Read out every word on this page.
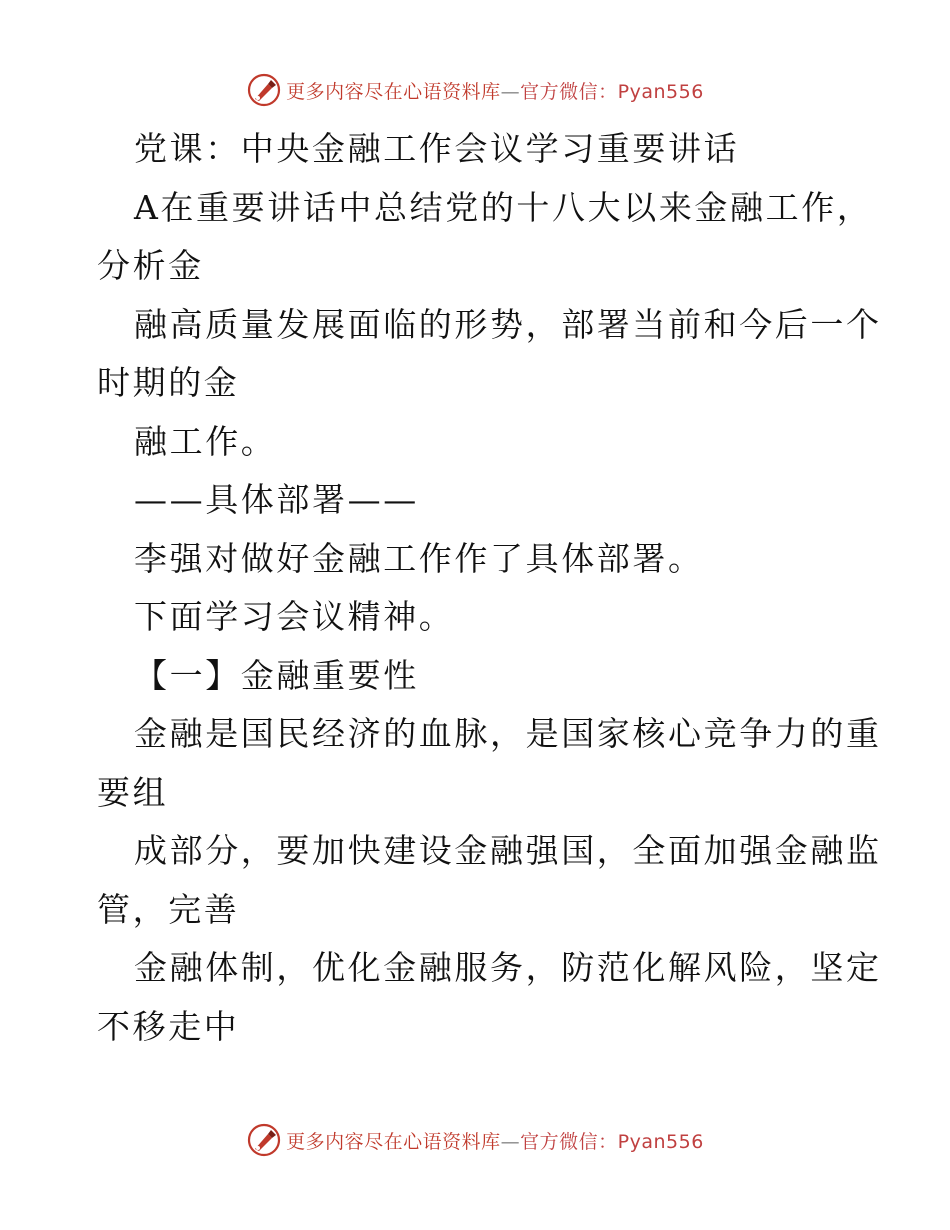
更多内容尽在心语资料库—官方微信：Pyan556
党课：中央金融工作会议学习重要讲话
A在重要讲话中总结党的十八大以来金融工作，
分析金
融高质量发展面临的形势，部署当前和今后一个
时期的金
融工作。
——具体部署——
李强对做好金融工作作了具体部署。
下面学习会议精神。
【一】金融重要性
金融是国民经济的血脉，是国家核心竞争力的重
要组
成部分，要加快建设金融强国，全面加强金融监
管，完善
金融体制，优化金融服务，防范化解风险，坚定
不移走中
更多内容尽在心语资料库—官方微信：Pyan556
